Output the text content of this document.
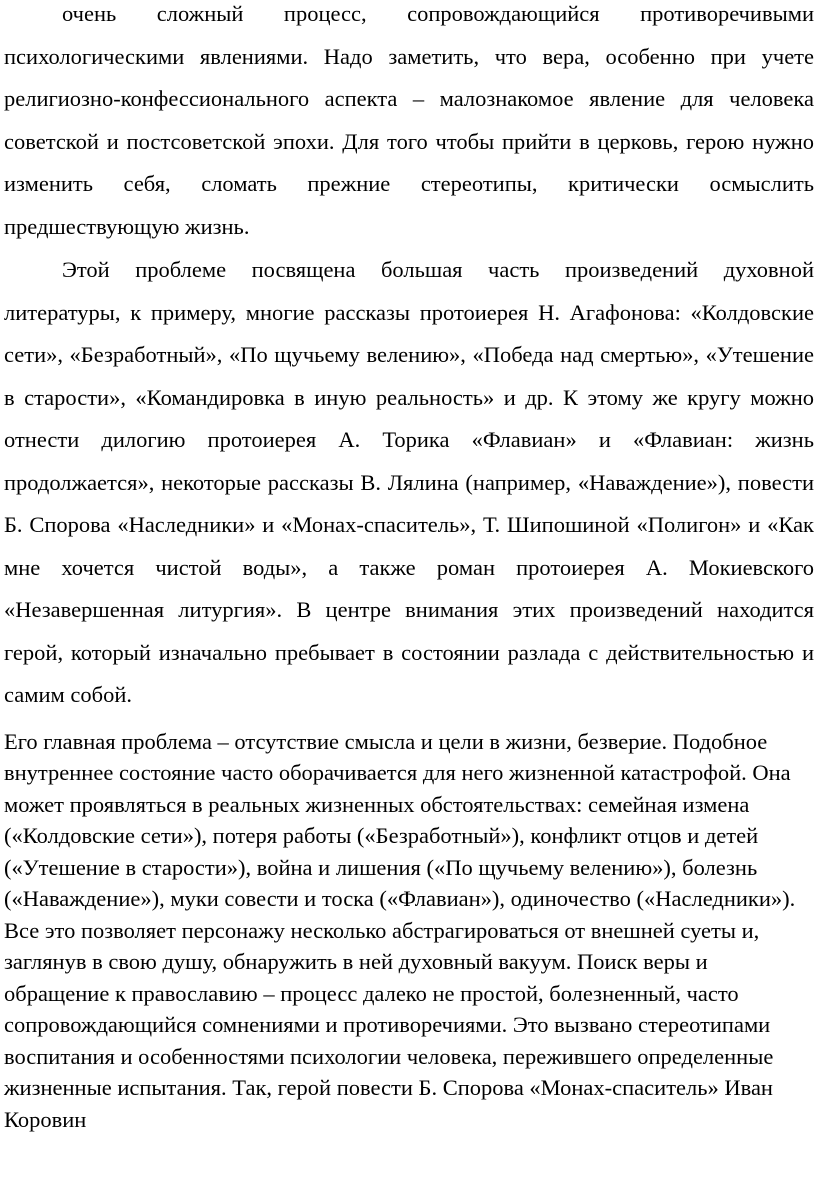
очень сложный процесс, сопровождающийся противоречивыми психологическими явлениями. Надо заметить, что вера, особенно при учете религиозно-конфессионального аспекта – малознакомое явление для человека советской и постсоветской эпохи. Для того чтобы прийти в церковь, герою нужно изменить себя, сломать прежние стереотипы, критически осмыслить предшествующую жизнь.

Этой проблеме посвящена большая часть произведений духовной литературы, к примеру, многие рассказы протоиерея Н. Агафонова: «Колдовские сети», «Безработный», «По щучьему велению», «Победа над смертью», «Утешение в старости», «Командировка в иную реальность» и др. К этому же кругу можно отнести дилогию протоиерея А. Торика «Флавиан» и «Флавиан: жизнь продолжается», некоторые рассказы В. Лялина (например, «Наваждение»), повести Б. Спорова «Наследники» и «Монах-спаситель», Т. Шипошиной «Полигон» и «Как мне хочется чистой воды», а также роман протоиерея А. Мокиевского «Незавершенная литургия». В центре внимания этих произведений находится герой, который изначально пребывает в состоянии разлада с действительностью и самим собой.

Его главная проблема – отсутствие смысла и цели в жизни, безверие. Подобное внутреннее состояние часто оборачивается для него жизненной катастрофой. Она может проявляться в реальных жизненных обстоятельствах: семейная измена («Колдовские сети»), потеря работы («Безработный»), конфликт отцов и детей («Утешение в старости»), война и лишения («По щучьему велению»), болезнь («Наваждение»), муки совести и тоска («Флавиан»), одиночество («Наследники»). Все это позволяет персонажу несколько абстрагироваться от внешней суеты и, заглянув в свою душу, обнаружить в ней духовный вакуум. Поиск веры и обращение к православию – процесс далеко не простой, болезненный, часто сопровождающийся сомнениями и противоречиями. Это вызвано стереотипами воспитания и особенностями психологии человека, пережившего определенные жизненные испытания. Так, герой повести Б. Спорова «Монах-спаситель» Иван Коровин
